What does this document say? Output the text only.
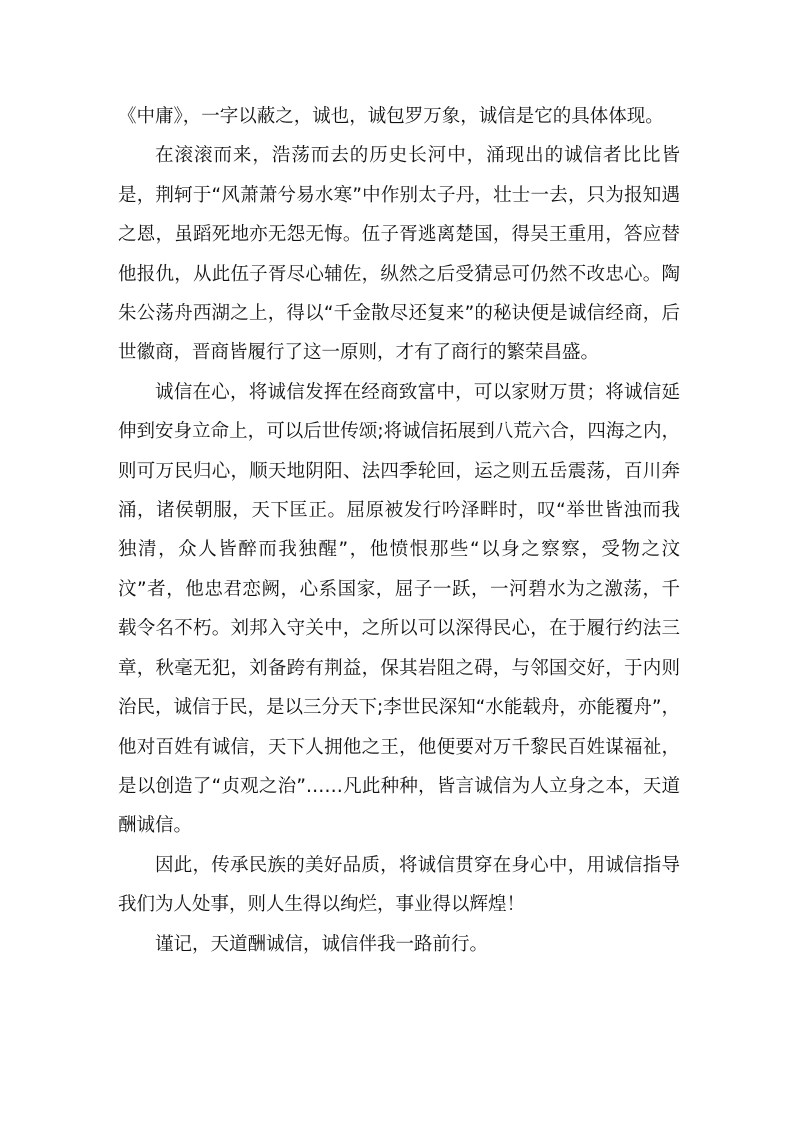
《中庸》，一字以蔽之，诚也，诚包罗万象，诚信是它的具体体现。

在滚滚而来，浩荡而去的历史长河中，涌现出的诚信者比比皆是，荆轲于“风萧萧兮易水寒”中作别太子丹，壮士一去，只为报知遇之恩，虽蹈死地亦无怨无悔。伍子胥逃离楚国，得吴王重用，答应替他报仇，从此伍子胥尽心辅佐，纵然之后受猜忌可仍然不改忠心。陶朱公荡舟西湖之上，得以“千金散尽还复来”的秘诀便是诚信经商，后世徽商，晋商皆履行了这一原则，才有了商行的繁荣昌盛。

诚信在心，将诚信发挥在经商致富中，可以家财万贯；将诚信延伸到安身立命上，可以后世传颂;将诚信拓展到八荒六合，四海之内，则可万民归心，顺天地阴阳、法四季轮回，运之则五岳震荡，百川奔涌，诸侯朝服，天下匡正。屈原被发行吟泽畔时，叹“举世皆浊而我独清，众人皆醉而我独醒”，他愤恨那些“以身之察察，受物之汶汶”者，他忠君恋阙，心系国家，屈子一跃，一河碧水为之激荡，千载令名不朽。刘邦入守关中，之所以可以深得民心，在于履行约法三章，秋毫无犯，刘备跨有荆益，保其岩阻之碍，与邻国交好，于内则治民，诚信于民，是以三分天下;李世民深知“水能载舟，亦能覆舟”，他对百姓有诚信，天下人拥他之王，他便要对万千黎民百姓谋福祉，是以创造了“贞观之治”……凡此种种，皆言诚信为人立身之本，天道酬诚信。

因此，传承民族的美好品质，将诚信贯穿在身心中，用诚信指导我们为人处事，则人生得以绚烂，事业得以辉煌！

谨记，天道酬诚信，诚信伴我一路前行。
